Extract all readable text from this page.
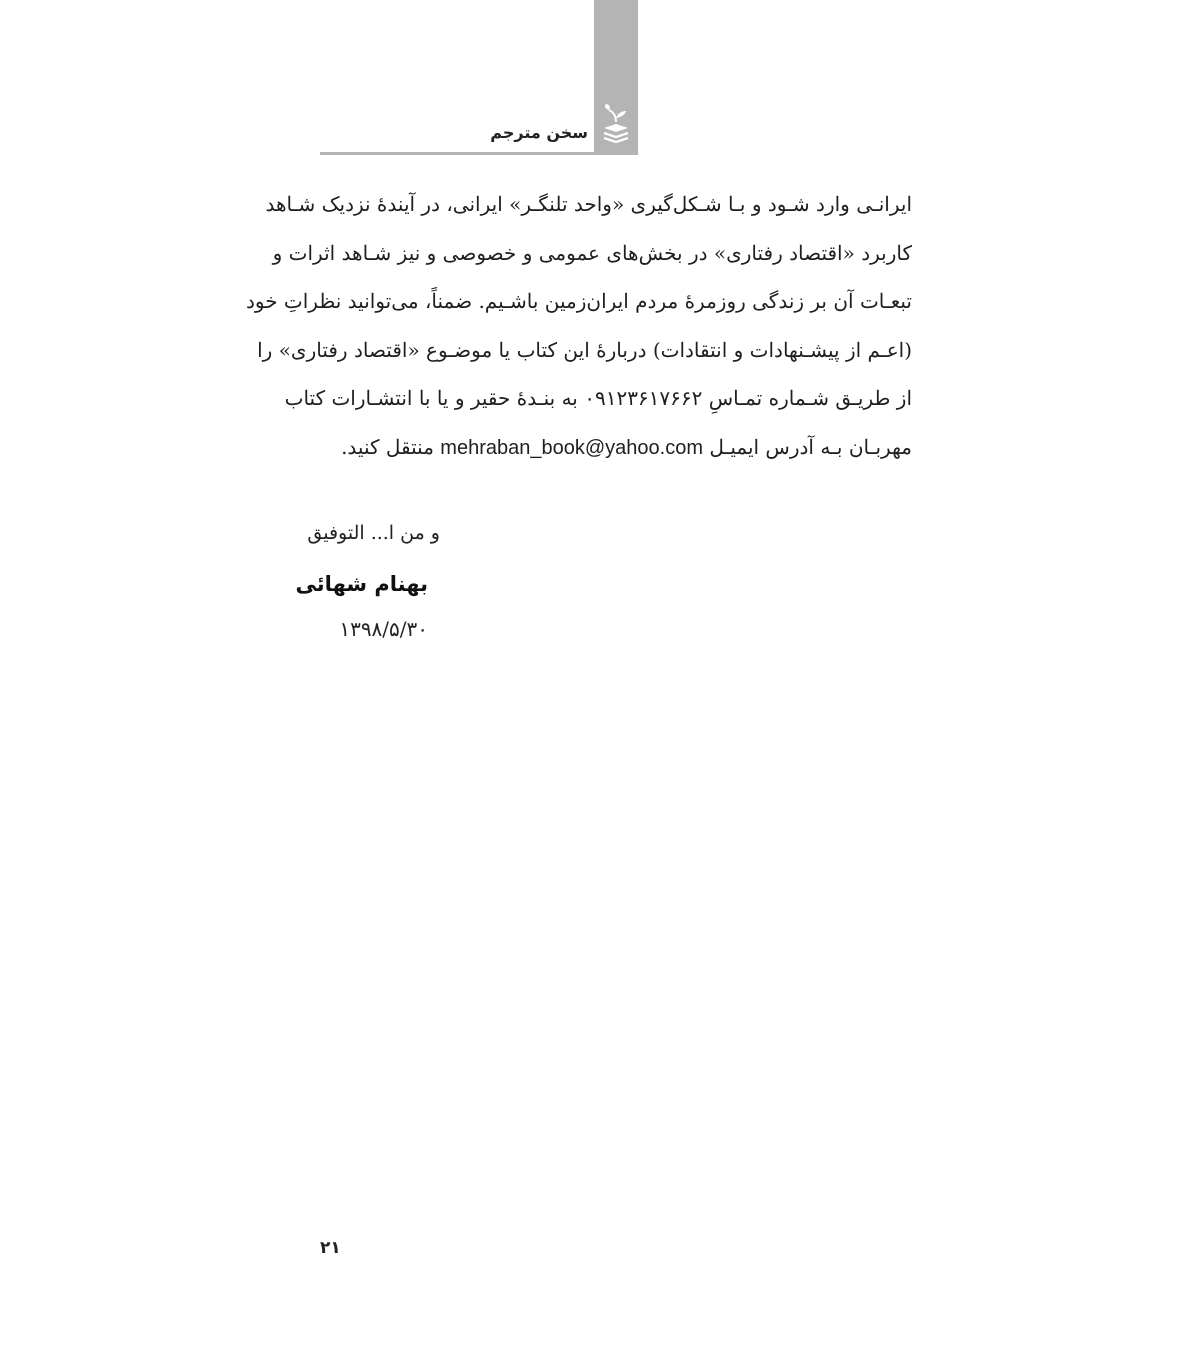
سخن مترجم
ایرانـی وارد شـود و بـا شـکل‌گیری «واحد تلنگـر» ایرانی، در آیندهٔ نزدیک شـاهد
کاربرد «اقتصاد رفتاری» در بخش‌های عمومی و خصوصی و نیز شـاهد اثرات و
تبعـات آن بر زندگی روزمرهٔ مردم ایران‌زمین باشـیم. ضمناً، می‌توانید نظراتِ خود
(اعـم از پیشـنهادات و انتقادات) دربارهٔ این کتاب یا موضـوع «اقتصاد رفتاری» را
از طریـق شـماره تمـاسِ ۰۹۱۲۳۶۱۷۶۶۲ به بنـدهٔ حقیر و یا با انتشـارات کتاب
مهربـان بـه آدرس ایمیـل mehraban_book@yahoo.com منتقل کنید.
و من ا... التوفیق
بهنام شهائی
۱۳۹۸/۵/۳۰
۲۱
